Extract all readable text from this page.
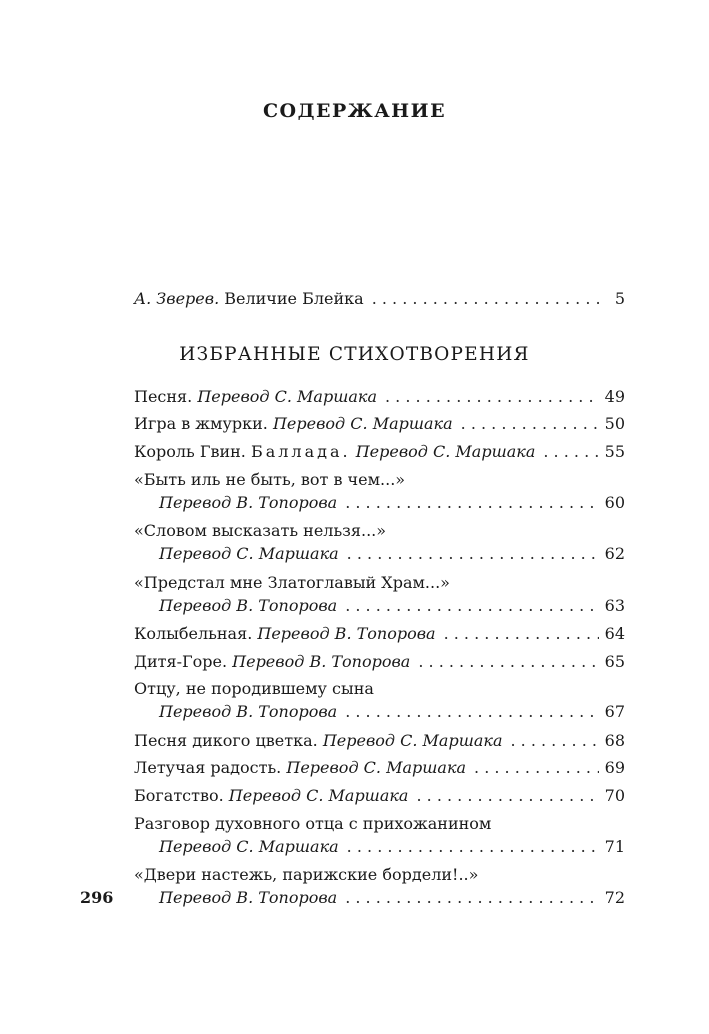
СОДЕРЖАНИЕ
А. Зверев. Величие Блейка . . .	5
ИЗБРАННЫЕ СТИХОТВОРЕНИЯ
Песня. Перевод С. Маршака . . .	49
Игра в жмурки. Перевод С. Маршака . . .	50
Король Гвин. Баллада. Перевод С. Маршака . . .	55
«Быть иль не быть, вот в чем...»
Перевод В. Топорова . . .	60
«Словом высказать нельзя...»
Перевод С. Маршака . . .	62
«Предстал мне Златоглавый Храм...»
Перевод В. Топорова . . .	63
Колыбельная. Перевод В. Топорова . . .	64
Дитя-Горе. Перевод В. Топорова . . .	65
Отцу, не породившему сына
Перевод В. Топорова . . .	67
Песня дикого цветка. Перевод С. Маршака . . .	68
Летучая радость. Перевод С. Маршака . . .	69
Богатство. Перевод С. Маршака . . .	70
Разговор духовного отца с прихожанином
Перевод С. Маршака . . .	71
«Двери настежь, парижские бордели!..»
Перевод В. Топорова . . .	72
296
